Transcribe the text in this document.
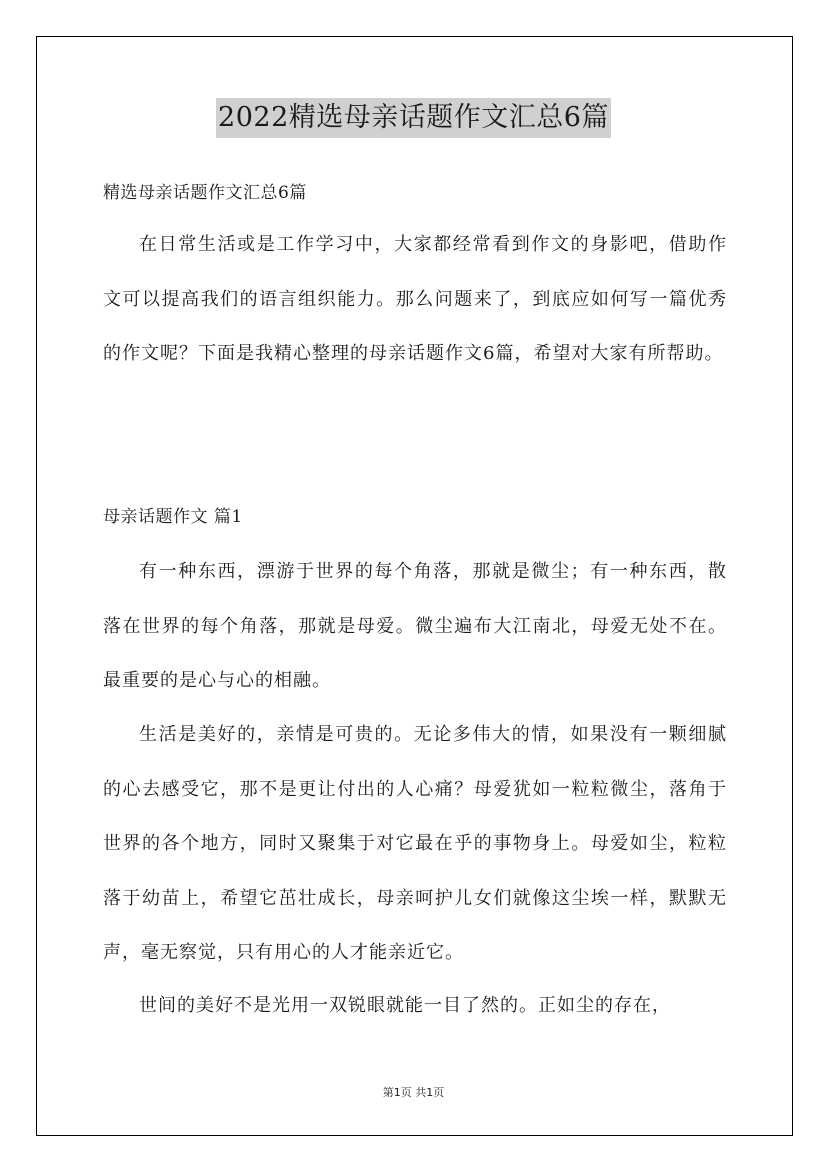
2022精选母亲话题作文汇总6篇
精选母亲话题作文汇总6篇

在日常生活或是工作学习中，大家都经常看到作文的身影吧，借助作文可以提高我们的语言组织能力。那么问题来了，到底应如何写一篇优秀的作文呢？下面是我精心整理的母亲话题作文6篇，希望对大家有所帮助。

母亲话题作文 篇1

有一种东西，漂游于世界的每个角落，那就是微尘；有一种东西，散落在世界的每个角落，那就是母爱。微尘遍布大江南北，母爱无处不在。最重要的是心与心的相融。

生活是美好的，亲情是可贵的。无论多伟大的情，如果没有一颗细腻的心去感受它，那不是更让付出的人心痛？母爱犹如一粒粒微尘，落角于世界的各个地方，同时又聚集于对它最在乎的事物身上。母爱如尘，粒粒落于幼苗上，希望它茁壮成长，母亲呵护儿女们就像这尘埃一样，默默无声，毫无察觉，只有用心的人才能亲近它。

世间的美好不是光用一双锐眼就能一目了然的。正如尘的存在，

第1页 共1页
